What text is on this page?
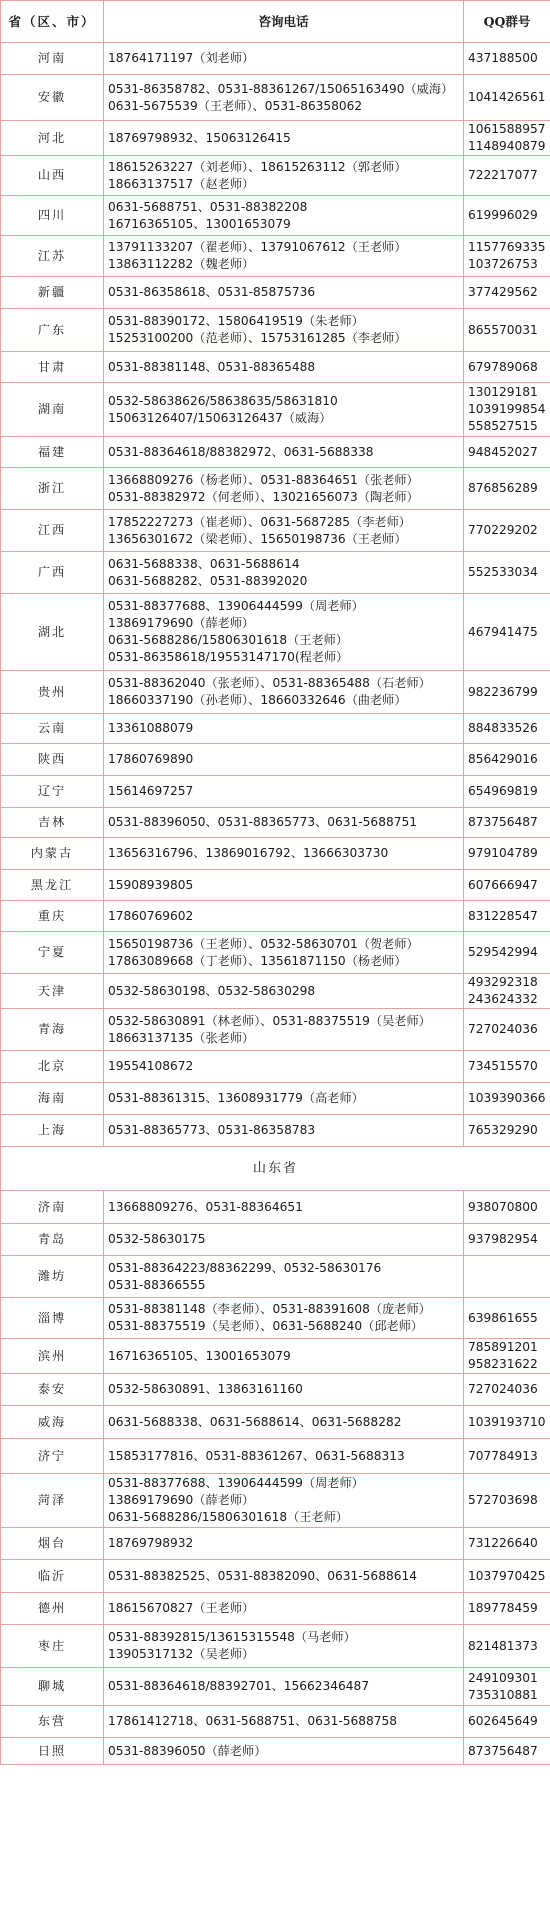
省（区、市）	咨询电话	QQ群号
河南	18764171197（刘老师）	437188500

安徽	0531-86358782、0531-88361267/15065163490（威海）
0631-5675539（王老师）、0531-86358062	1041426561

河北	18769798932、15063126415	1061588957
1148940879

山西	18615263227（刘老师）、18615263112（郭老师）
18663137517（赵老师）	722217077

四川	0631-5688751、0531-88382208
16716365105、13001653079	619996029

江苏	13791133207（翟老师）、13791067612（王老师）
13863112282（魏老师）	1157769335
103726753

新疆	0531-86358618、0531-85875736	377429562

广东	0531-88390172、15806419519（朱老师）
15253100200（范老师）、15753161285（李老师）	865570031

甘肃	0531-88381148、0531-88365488	679789068

湖南	0532-58638626/58638635/58631810
15063126407/15063126437（威海）	130129181
1039199854
558527515

福建	0531-88364618/88382972、0631-5688338	948452027

浙江	13668809276（杨老师）、0531-88364651（张老师）
0531-88382972（何老师）、13021656073（陶老师）	876856289

江西	17852227273（崔老师）、0631-5687285（李老师）
13656301672（梁老师）、15650198736（王老师）	770229202

广西	0631-5688338、0631-5688614
0631-5688282、0531-88392020	552533034

湖北	0531-88377688、13906444599（周老师）
13869179690（薛老师）
0631-5688286/15806301618（王老师）
0531-86358618/19553147170(程老师）	467941475

贵州	0531-88362040（张老师）、0531-88365488（石老师）
18660337190（孙老师）、18660332646（曲老师）	982236799

云南	13361088079	884833526

陕西	17860769890	856429016

辽宁	15614697257	654969819

吉林	0531-88396050、0531-88365773、0631-5688751	873756487

内蒙古	13656316796、13869016792、13666303730	979104789

黑龙江	15908939805	607666947

重庆	17860769602	831228547

宁夏	15650198736（王老师）、0532-58630701（贺老师）
17863089668（丁老师）、13561871150（杨老师）	529542994

天津	0532-58630198、0532-58630298	493292318
243624332

青海	0532-58630891（林老师）、0531-88375519（吴老师）
18663137135（张老师）	727024036

北京	19554108672	734515570

海南	0531-88361315、13608931779（高老师）	1039390366

上海	0531-88365773、0531-86358783	765329290

山东省		
济南	13668809276、0531-88364651	938070800

青岛	0532-58630175	937982954

潍坊	0531-88364223/88362299、0532-58630176
0531-88366555	

淄博	0531-88381148（李老师）、0531-88391608（庞老师）
0531-88375519（吴老师）、0631-5688240（邱老师）	639861655

滨州	16716365105、13001653079	785891201
958231622

泰安	0532-58630891、13863161160	727024036

威海	0631-5688338、0631-5688614、0631-5688282	1039193710

济宁	15853177816、0531-88361267、0631-5688313	707784913

菏泽	0531-88377688、13906444599（周老师）
13869179690（薛老师）
0631-5688286/15806301618（王老师）	572703698

烟台	18769798932	731226640

临沂	0531-88382525、0531-88382090、0631-5688614	1037970425

德州	18615670827（王老师）	189778459

枣庄	0531-88392815/13615315548（马老师）
13905317132（吴老师）	821481373

聊城	0531-88364618/88392701、15662346487	249109301
735310881

东营	17861412718、0631-5688751、0631-5688758	602645649

日照	0531-88396050（薛老师）	873756487
